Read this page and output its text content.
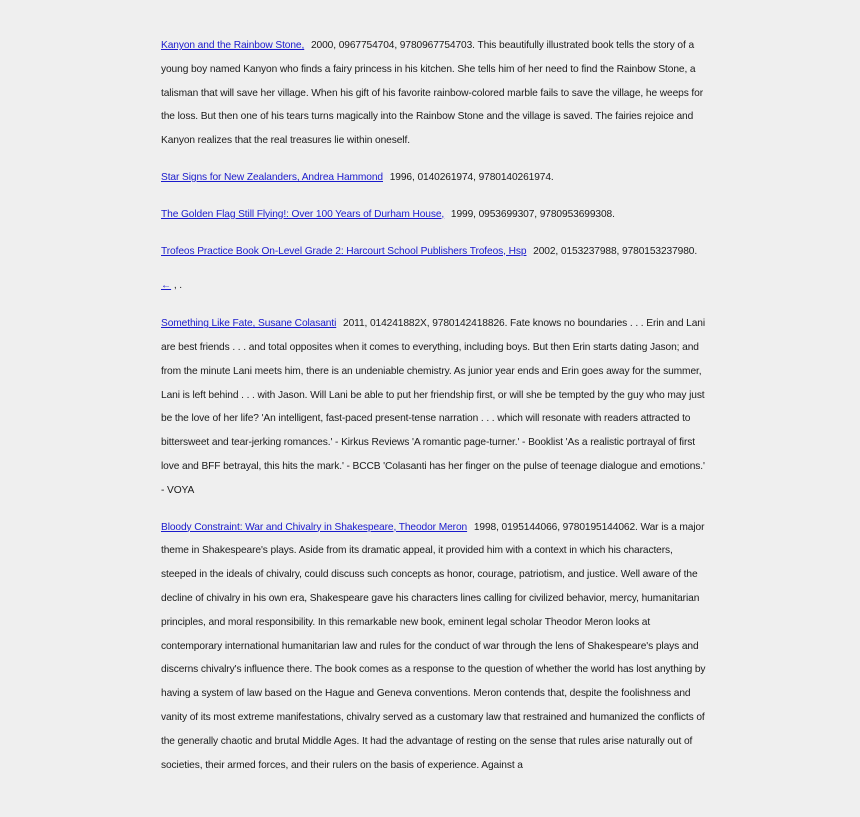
Kanyon and the Rainbow Stone, 2000, 0967754704, 9780967754703. This beautifully illustrated book tells the story of a young boy named Kanyon who finds a fairy princess in his kitchen. She tells him of her need to find the Rainbow Stone, a talisman that will save her village. When his gift of his favorite rainbow-colored marble fails to save the village, he weeps for the loss. But then one of his tears turns magically into the Rainbow Stone and the village is saved. The fairies rejoice and Kanyon realizes that the real treasures lie within oneself.
Star Signs for New Zealanders, Andrea Hammond 1996, 0140261974, 9780140261974.
The Golden Flag Still Flying!: Over 100 Years of Durham House, 1999, 0953699307, 9780953699308.
Trofeos Practice Book On-Level Grade 2: Harcourt School Publishers Trofeos, Hsp 2002, 0153237988, 9780153237980.
← , .
Something Like Fate, Susane Colasanti 2011, 014241882X, 9780142418826. Fate knows no boundaries . . . Erin and Lani are best friends . . . and total opposites when it comes to everything, including boys. But then Erin starts dating Jason; and from the minute Lani meets him, there is an undeniable chemistry. As junior year ends and Erin goes away for the summer, Lani is left behind . . . with Jason. Will Lani be able to put her friendship first, or will she be tempted by the guy who may just be the love of her life? 'An intelligent, fast-paced present-tense narration . . . which will resonate with readers attracted to bittersweet and tear-jerking romances.' - Kirkus Reviews 'A romantic page-turner.' - Booklist 'As a realistic portrayal of first love and BFF betrayal, this hits the mark.' - BCCB 'Colasanti has her finger on the pulse of teenage dialogue and emotions.' - VOYA
Bloody Constraint: War and Chivalry in Shakespeare, Theodor Meron 1998, 0195144066, 9780195144062. War is a major theme in Shakespeare's plays. Aside from its dramatic appeal, it provided him with a context in which his characters, steeped in the ideals of chivalry, could discuss such concepts as honor, courage, patriotism, and justice. Well aware of the decline of chivalry in his own era, Shakespeare gave his characters lines calling for civilized behavior, mercy, humanitarian principles, and moral responsibility. In this remarkable new book, eminent legal scholar Theodor Meron looks at contemporary international humanitarian law and rules for the conduct of war through the lens of Shakespeare's plays and discerns chivalry's influence there. The book comes as a response to the question of whether the world has lost anything by having a system of law based on the Hague and Geneva conventions. Meron contends that, despite the foolishness and vanity of its most extreme manifestations, chivalry served as a customary law that restrained and humanized the conflicts of the generally chaotic and brutal Middle Ages. It had the advantage of resting on the sense that rules arise naturally out of societies, their armed forces, and their rulers on the basis of experience. Against a
